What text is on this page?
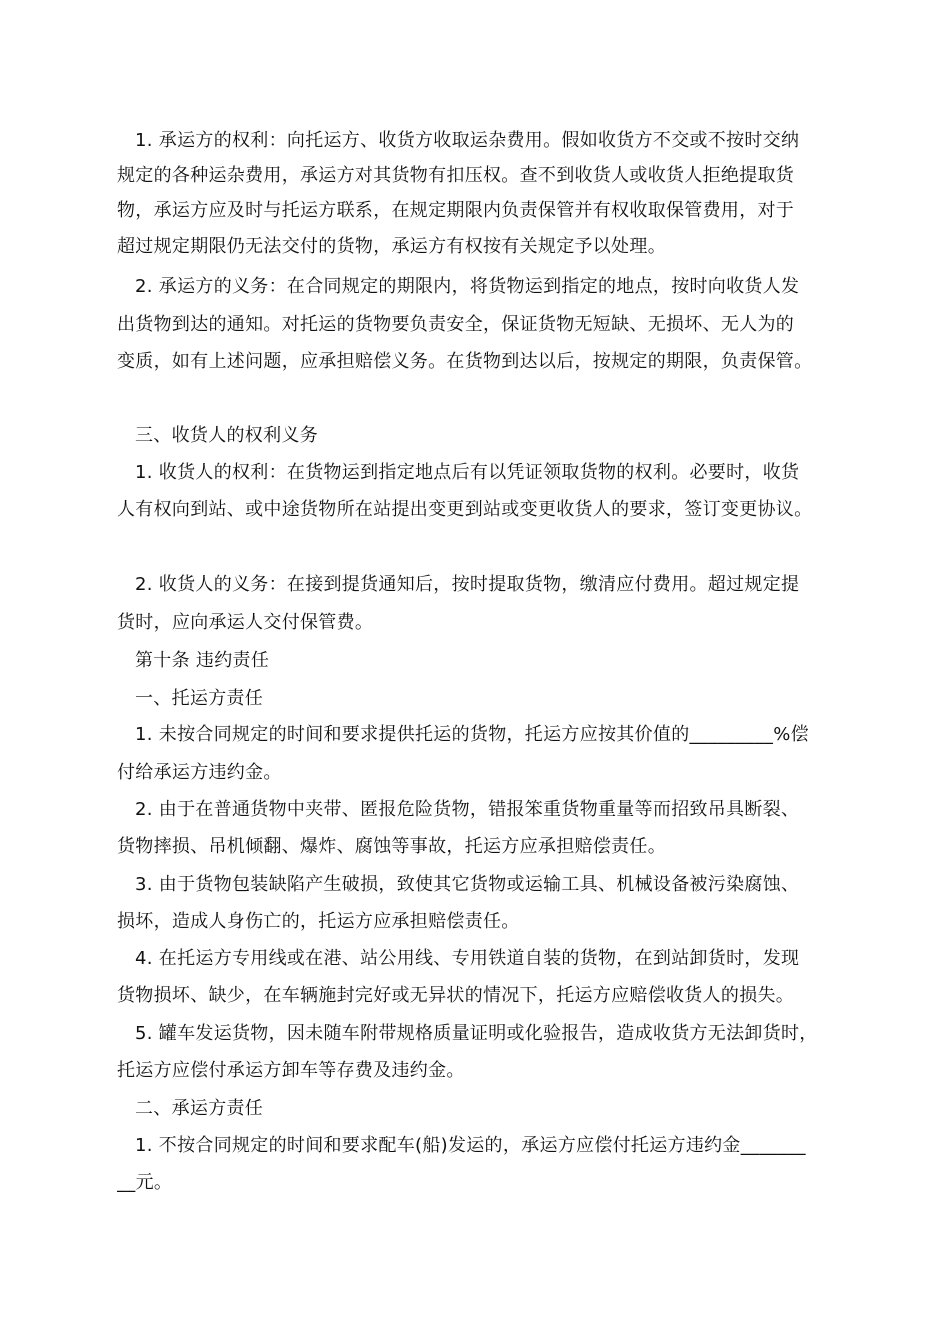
1. 承运方的权利：向托运方、收货方收取运杂费用。假如收货方不交或不按时交纳
规定的各种运杂费用，承运方对其货物有扣压权。查不到收货人或收货人拒绝提取货
物，承运方应及时与托运方联系，在规定期限内负责保管并有权收取保管费用，对于
超过规定期限仍无法交付的货物，承运方有权按有关规定予以处理。
2. 承运方的义务：在合同规定的期限内，将货物运到指定的地点，按时向收货人发
出货物到达的通知。对托运的货物要负责安全，保证货物无短缺、无损坏、无人为的
变质，如有上述问题，应承担赔偿义务。在货物到达以后，按规定的期限，负责保管。
三、收货人的权利义务
1. 收货人的权利：在货物运到指定地点后有以凭证领取货物的权利。必要时，收货
人有权向到站、或中途货物所在站提出变更到站或变更收货人的要求，签订变更协议。
2. 收货人的义务：在接到提货通知后，按时提取货物，缴清应付费用。超过规定提
货时，应向承运人交付保管费。
第十条 违约责任
一、托运方责任
1. 未按合同规定的时间和要求提供托运的货物，托运方应按其价值的_________%偿
付给承运方违约金。
2. 由于在普通货物中夹带、匿报危险货物，错报笨重货物重量等而招致吊具断裂、
货物摔损、吊机倾翻、爆炸、腐蚀等事故，托运方应承担赔偿责任。
3. 由于货物包装缺陷产生破损，致使其它货物或运输工具、机械设备被污染腐蚀、
损坏，造成人身伤亡的，托运方应承担赔偿责任。
4. 在托运方专用线或在港、站公用线、专用铁道自装的货物，在到站卸货时，发现
货物损坏、缺少，在车辆施封完好或无异状的情况下，托运方应赔偿收货人的损失。
5. 罐车发运货物，因未随车附带规格质量证明或化验报告，造成收货方无法卸货时，
托运方应偿付承运方卸车等存费及违约金。
二、承运方责任
1. 不按合同规定的时间和要求配车(船)发运的，承运方应偿付托运方违约金_______
__元。
